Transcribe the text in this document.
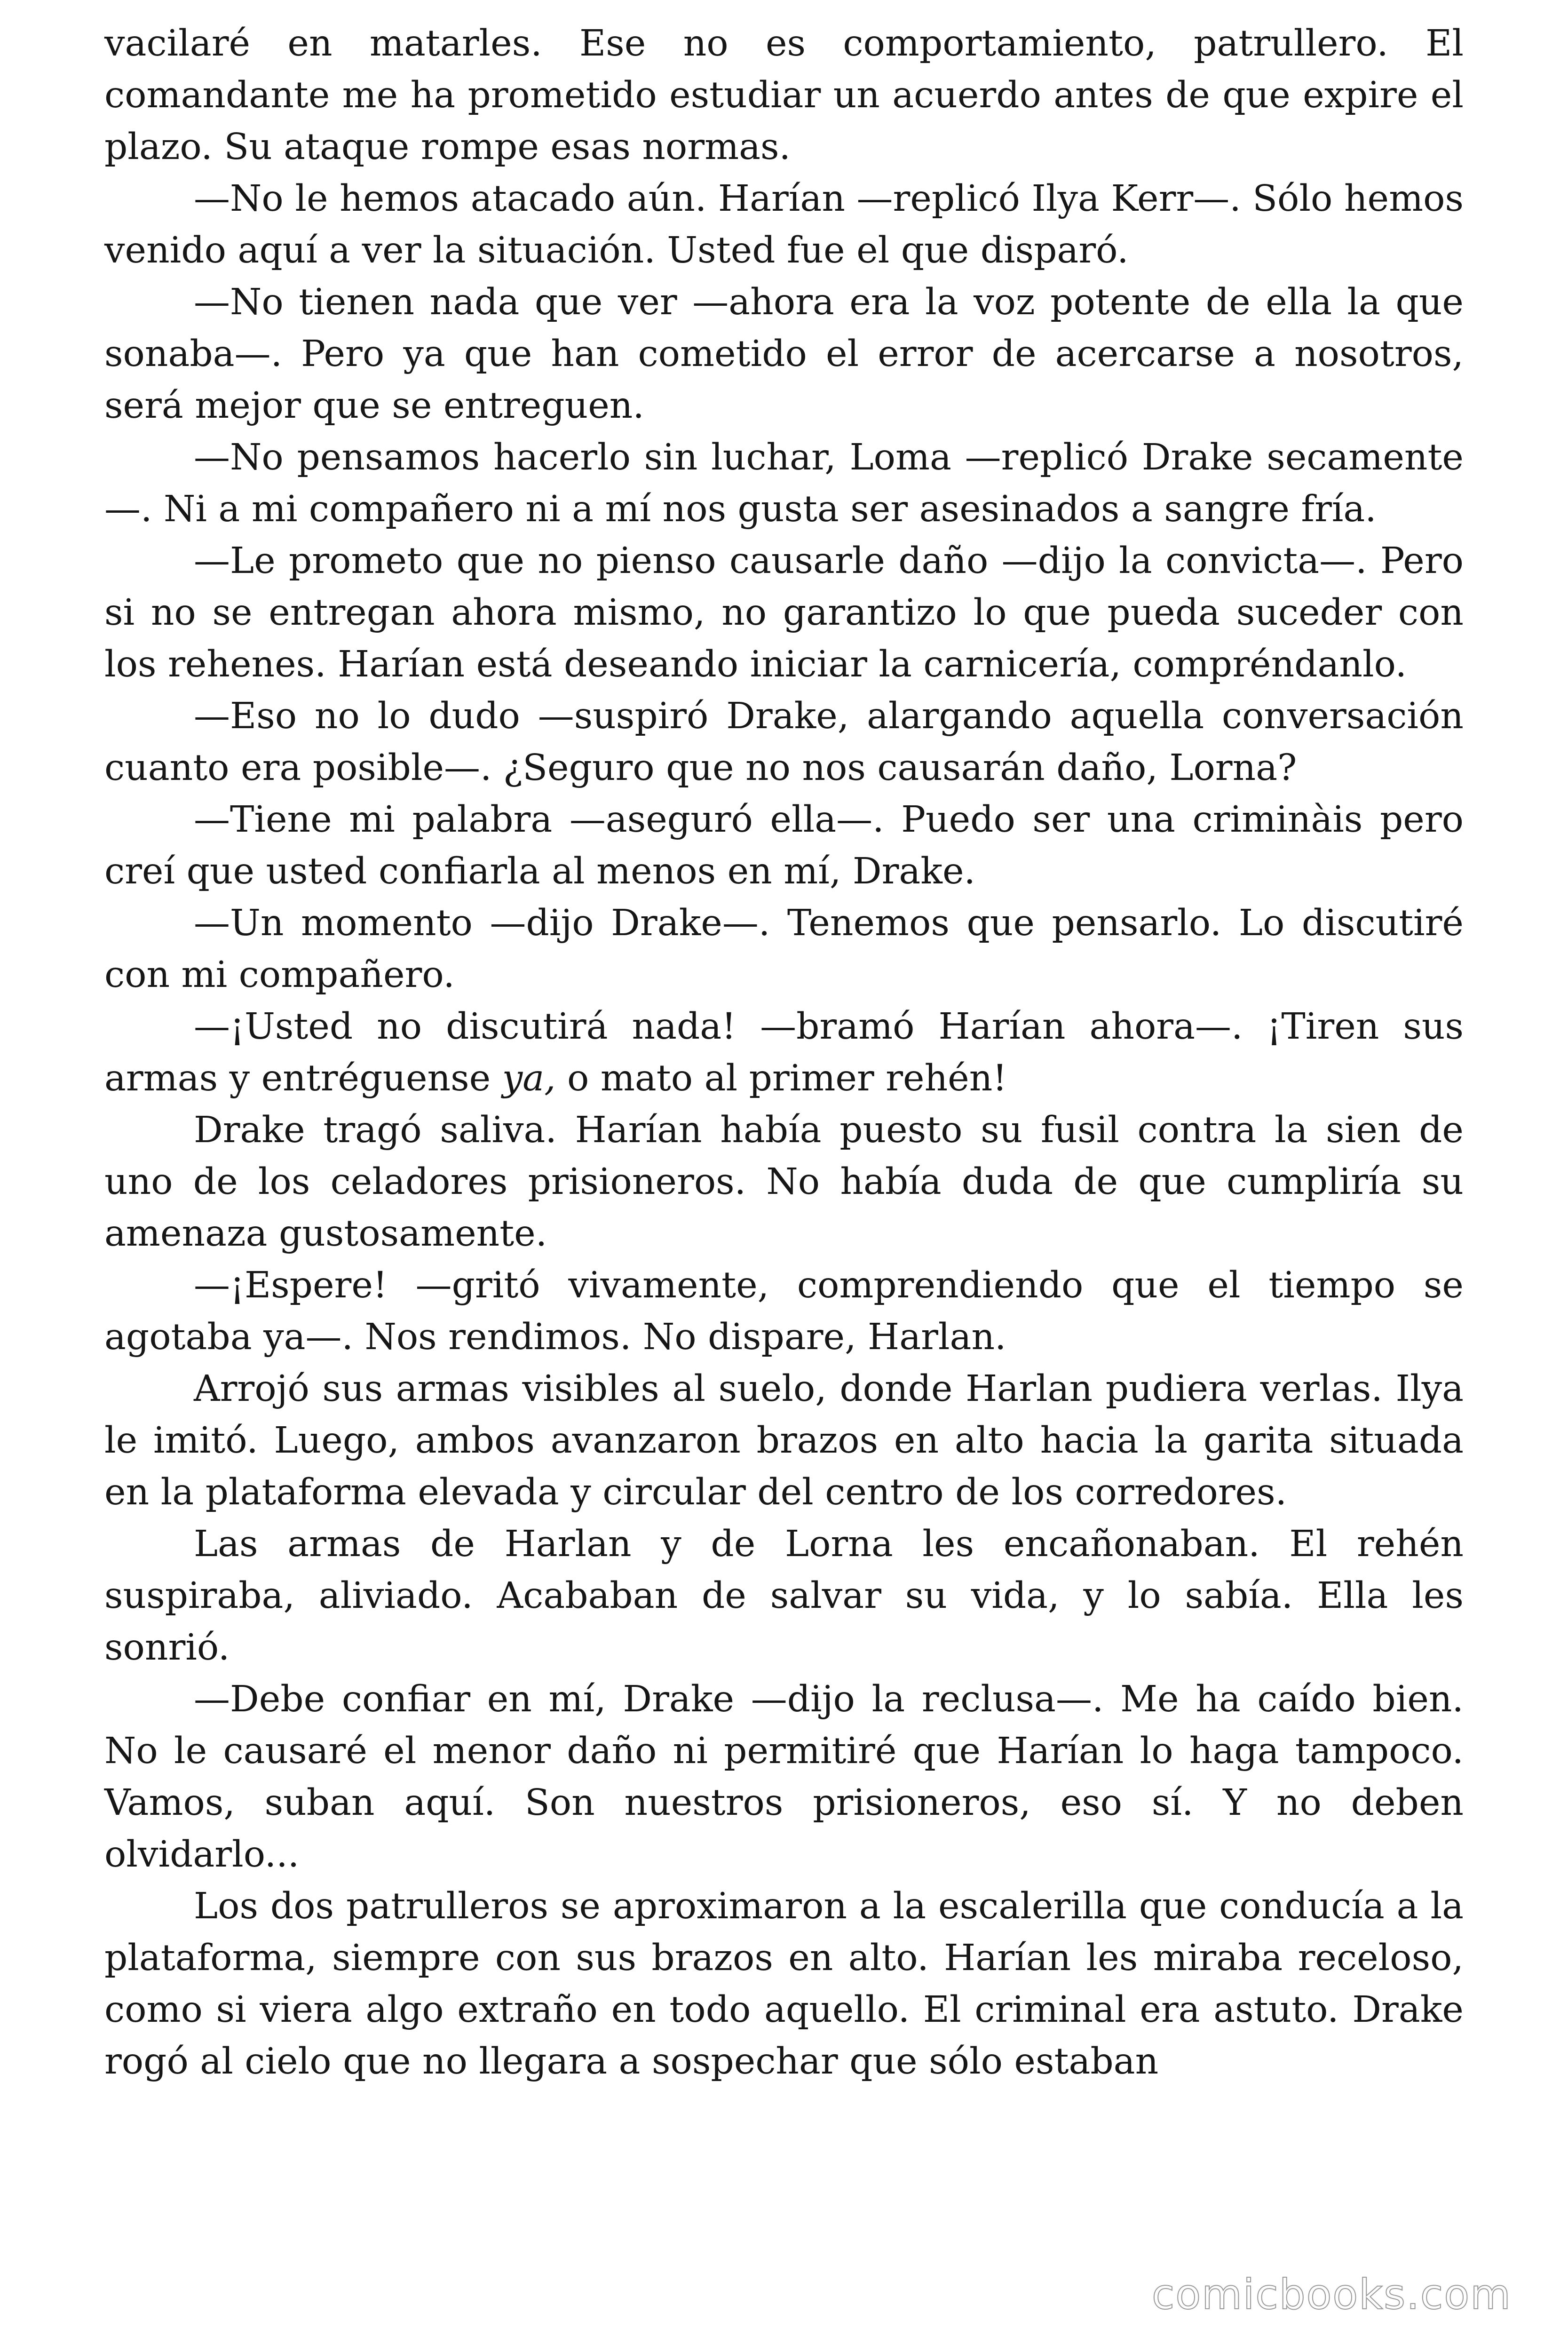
vacilaré en matarles. Ese no es comportamiento, patrullero. El comandante me ha prometido estudiar un acuerdo antes de que expire el plazo. Su ataque rompe esas normas.

—No le hemos atacado aún. Harían —replicó Ilya Kerr—. Sólo hemos venido aquí a ver la situación. Usted fue el que disparó.

—No tienen nada que ver —ahora era la voz potente de ella la que sonaba—. Pero ya que han cometido el error de acercarse a nosotros, será mejor que se entreguen.

—No pensamos hacerlo sin luchar, Loma —replicó Drake secamente—. Ni a mi compañero ni a mí nos gusta ser asesinados a sangre fría.

—Le prometo que no pienso causarle daño —dijo la convicta—. Pero si no se entregan ahora mismo, no garantizo lo que pueda suceder con los rehenes. Harían está deseando iniciar la carnicería, compréndanlo.

—Eso no lo dudo —suspiró Drake, alargando aquella conversación cuanto era posible—. ¿Seguro que no nos causarán daño, Lorna?

—Tiene mi palabra —aseguró ella—. Puedo ser una criminàis pero creí que usted confiarla al menos en mí, Drake.

—Un momento —dijo Drake—. Tenemos que pensarlo. Lo discutiré con mi compañero.

—¡Usted no discutirá nada! —bramó Harían ahora—. ¡Tiren sus armas y entréguense ya, o mato al primer rehén!

Drake tragó saliva. Harían había puesto su fusil contra la sien de uno de los celadores prisioneros. No había duda de que cumpliría su amenaza gustosamente.

—¡Espere! —gritó vivamente, comprendiendo que el tiempo se agotaba ya—. Nos rendimos. No dispare, Harlan.

Arrojó sus armas visibles al suelo, donde Harlan pudiera verlas. Ilya le imitó. Luego, ambos avanzaron brazos en alto hacia la garita situada en la plataforma elevada y circular del centro de los corredores.

Las armas de Harlan y de Lorna les encañonaban. El rehén suspiraba, aliviado. Acababan de salvar su vida, y lo sabía. Ella les sonrió.

—Debe confiar en mí, Drake —dijo la reclusa—. Me ha caído bien. No le causaré el menor daño ni permitiré que Harían lo haga tampoco. Vamos, suban aquí. Son nuestros prisioneros, eso sí. Y no deben olvidarlo...

Los dos patrulleros se aproximaron a la escalerilla que conducía a la plataforma, siempre con sus brazos en alto. Harían les miraba receloso, como si viera algo extraño en todo aquello. El criminal era astuto. Drake rogó al cielo que no llegara a sospechar que sólo estaban

comicbooks.com
